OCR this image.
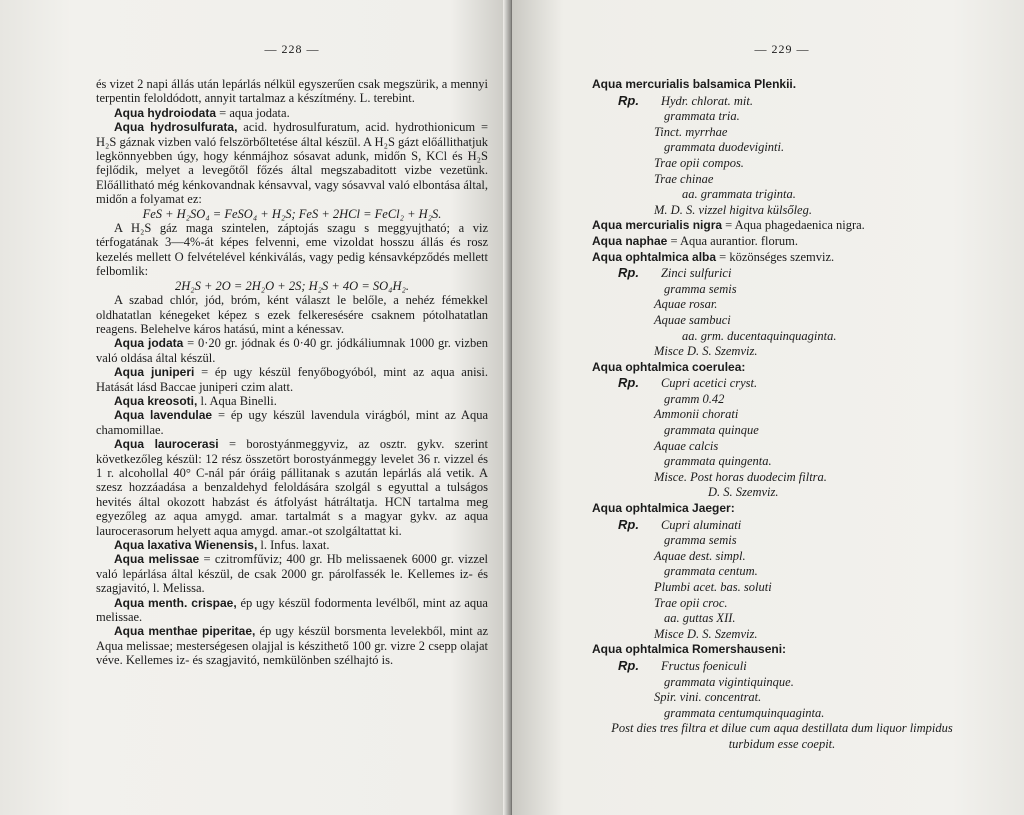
— 228 —

és vizet 2 napi állás után lepárlás nélkül egyszerűen csak megszürik, a mennyi terpentin feloldódott, annyit tartalmaz a készítmény. L. terebint.

Aqua hydroiodata = aqua jodata.

Aqua hydrosulfurata, acid. hydrosulfuratum, acid. hydrothionicum = H₂S gáznak vizben való felszörbőltetése által készül. A H₂S gázt előállithatjuk legkönnyebben úgy, hogy kénmájhoz sósavat adunk, midőn S, KCl és H₂S fejlődik, melyet a levegőtől főzés által megszabaditott vizbe vezetünk. Előállitható még kénkovandnak kénsavval, vagy sósavval való elbontása által, midőn a folyamat ez:

FeS + H₂SO₄ = FeSO₄ + H₂S; FeS + 2HCl = FeCl₂ + H₂S.

A H₂S gáz maga szintelen, záptojás szagu s meggyujtható; a viz térfogatának 3—4%-át képes felvenni, eme vizoldat hosszu állás és rosz kezelés mellett O felvételével kénkiválás, vagy pedig kénsavképződés mellett felbomlik:

2H₂S + 2O = 2H₂O + 2S; H₂S + 4O = SO₄H₂.

A szabad chlór, jód, bróm, ként választ le belőle, a nehéz fémekkel oldhatatlan kénegeket képez s ezek felkeresésére csaknem pótolhatatlan reagens. Belehelve káros hatású, mint a kénessav.

Aqua jodata = 0·20 gr. jódnak és 0·40 gr. jódkáliumnak 1000 gr. vizben való oldása által készül.

Aqua juniperi = ép ugy készül fenyőbogyóból, mint az aqua anisi. Hatását lásd Baccae juniperi czim alatt.

Aqua kreosoti, l. Aqua Binelli.

Aqua lavendulae = ép ugy készül lavendula virágból, mint az Aqua chamomillae.

Aqua laurocerasi = borostyánmeggyviz, az osztr. gykv. szerint következőleg készül: 12 rész összetört borostyánmeggy levelet 36 r. vizzel és 1 r. alcohollal 40° C-nál pár óráig pállitanak s azután lepárlás alá vetik. A szesz hozzáadása a benzaldehyd feloldására szolgál s egyuttal a tulságos hevités által okozott habzást és átfolyást hátráltatja. HCN tartalma meg egyezőleg az aqua amygd. amar. tartalmát s a magyar gykv. az aqua laurocerasorum helyett aqua amygd. amar.-ot szolgáltattat ki.

Aqua laxativa Wienensis, l. Infus. laxat.

Aqua melissae = czitromfűviz; 400 gr. Hb melissaenek 6000 gr. vizzel való lepárlása által készül, de csak 2000 gr. párolfassék le. Kellemes iz- és szagjavitó, l. Melissa.

Aqua menth. crispae, ép ugy készül fodormenta levélből, mint az aqua melissae.

Aqua menthae piperitae, ép ugy készül borsmenta levelekből, mint az Aqua melissae; mesterségesen olajjal is készithető 100 gr. vizre 2 csepp olajat véve. Kellemes iz- és szagjavitó, nemkülönben szélhajtó is.

— 229 —

Aqua mercurialis balsamica Plenkii.

Rp.	Hydr. chlorat. mit.

grammata tria.

Tinct. myrrhae

grammata duodeviginti.

Trae opii compos.

Trae chinae

aa. grammata triginta.

M. D. S. vizzel higitva külsőleg.

Aqua mercurialis nigra = Aqua phagedaenica nigra.

Aqua naphae = Aqua aurantior. florum.

Aqua ophtalmica alba = közönséges szemviz.

Rp.	Zinci sulfurici

gramma semis

Aquae rosar.

Aquae sambuci

aa. grm. ducentaquinquaginta.

Misce D. S. Szemviz.

Aqua ophtalmica coerulea:

Rp.	Cupri acetici cryst.

gramm 0.42

Ammonii chorati

grammata quinque

Aquae calcis

grammata quingenta.

Misce. Post horas duodecim filtra.

D. S. Szemviz.

Aqua ophtalmica Jaeger:

Rp.	Cupri aluminati

gramma semis

Aquae dest. simpl.

grammata centum.

Plumbi acet. bas. soluti

Trae opii croc.

aa. guttas XII.

Misce D. S. Szemviz.

Aqua ophtalmica Romershauseni:

Rp.	Fructus foeniculi

grammata vigintiquinque.

Spir. vini. concentrat.

grammata centumquinquaginta.

Post dies tres filtra et dilue cum aqua destillata dum liquor limpidus turbidum esse coepit.
